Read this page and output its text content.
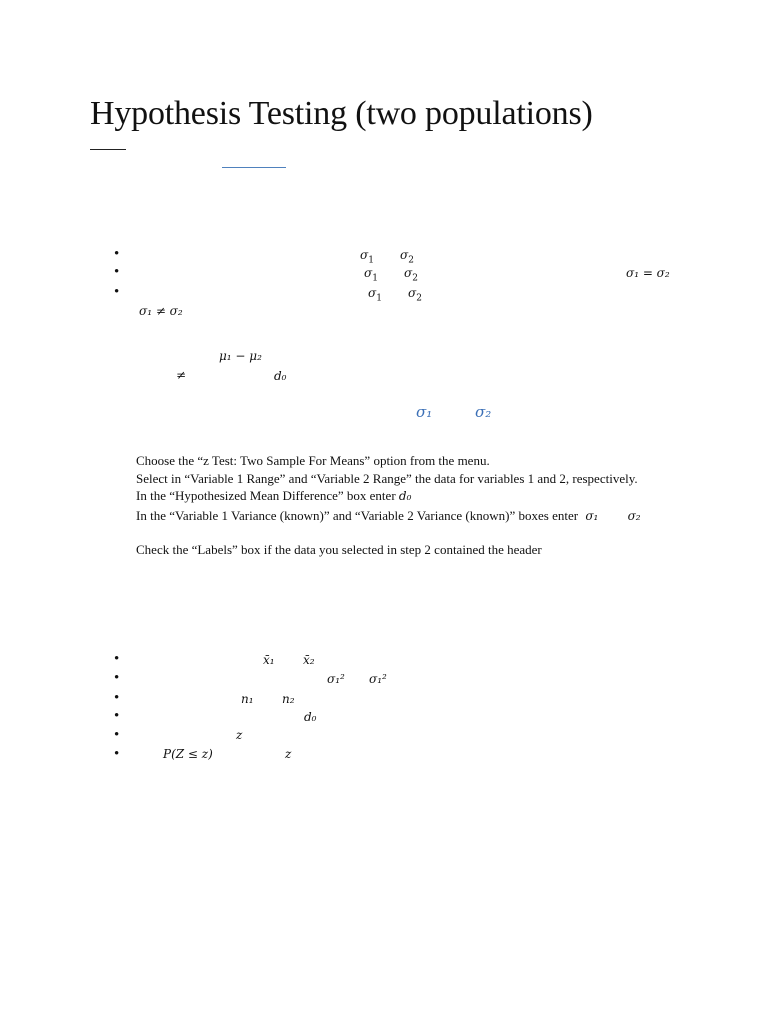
Hypothesis Testing (two populations)
•	$\sigma_1$ $\sigma_2$
•	$\sigma_1$ $\sigma_2$	σ₁ = σ₂
•	$\sigma_1$ $\sigma_2$
σ₁ ≠ σ₂
μ₁ − μ₂
≠	d₀
σ₁	σ₂
Choose the “z Test: Two Sample For Means” option from the menu.
Select in “Variable 1 Range” and “Variable 2 Range” the data for variables 1 and 2, respectively.
In the “Hypothesized Mean Difference” box enter d₀
In the “Variable 1 Variance (known)” and “Variable 2 Variance (known)” boxes enter σ₁ σ₂
Check the “Labels” box if the data you selected in step 2 contained the header
•	x̄₁ x̄₂
•	σ₁² σ₁²
•	n₁ n₂
•	d₀
•	z
•	P(Z ≤ z)	z
